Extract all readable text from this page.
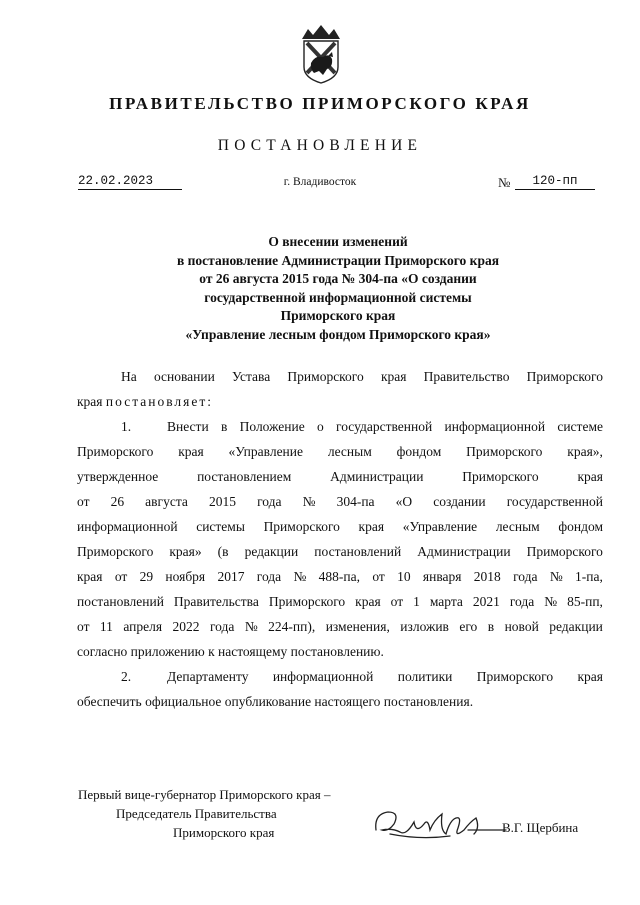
ПРАВИТЕЛЬСТВО ПРИМОРСКОГО КРАЯ
ПОСТАНОВЛЕНИЕ
22.02.2023	г. Владивосток	№	120-пп
О внесении изменений
в постановление Администрации Приморского края
от 26 августа 2015 года № 304-па «О создании
государственной информационной системы
Приморского края
«Управление лесным фондом Приморского края»
На основании Устава Приморского края Правительство Приморского
края постановляет:
1.	Внести в Положение о государственной информационной системе
Приморского края «Управление лесным фондом Приморского края»,
утвержденное	постановлением	Администрации	Приморского	края
от 26 августа 2015 года № 304-па «О создании государственной
информационной системы Приморского края «Управление лесным фондом
Приморского края» (в редакции постановлений Администрации Приморского
края от 29 ноября 2017 года № 488-па, от 10 января 2018 года № 1-па,
постановлений Правительства Приморского края от 1 марта 2021 года № 85-пп,
от 11 апреля 2022 года № 224-пп), изменения, изложив его в новой редакции
согласно приложению к настоящему постановлению.
2.	Департаменту информационной политики Приморского края
обеспечить официальное опубликование настоящего постановления.
Первый вице-губернатор Приморского края –
Председатель Правительства
Приморского края	В.Г. Щербина
